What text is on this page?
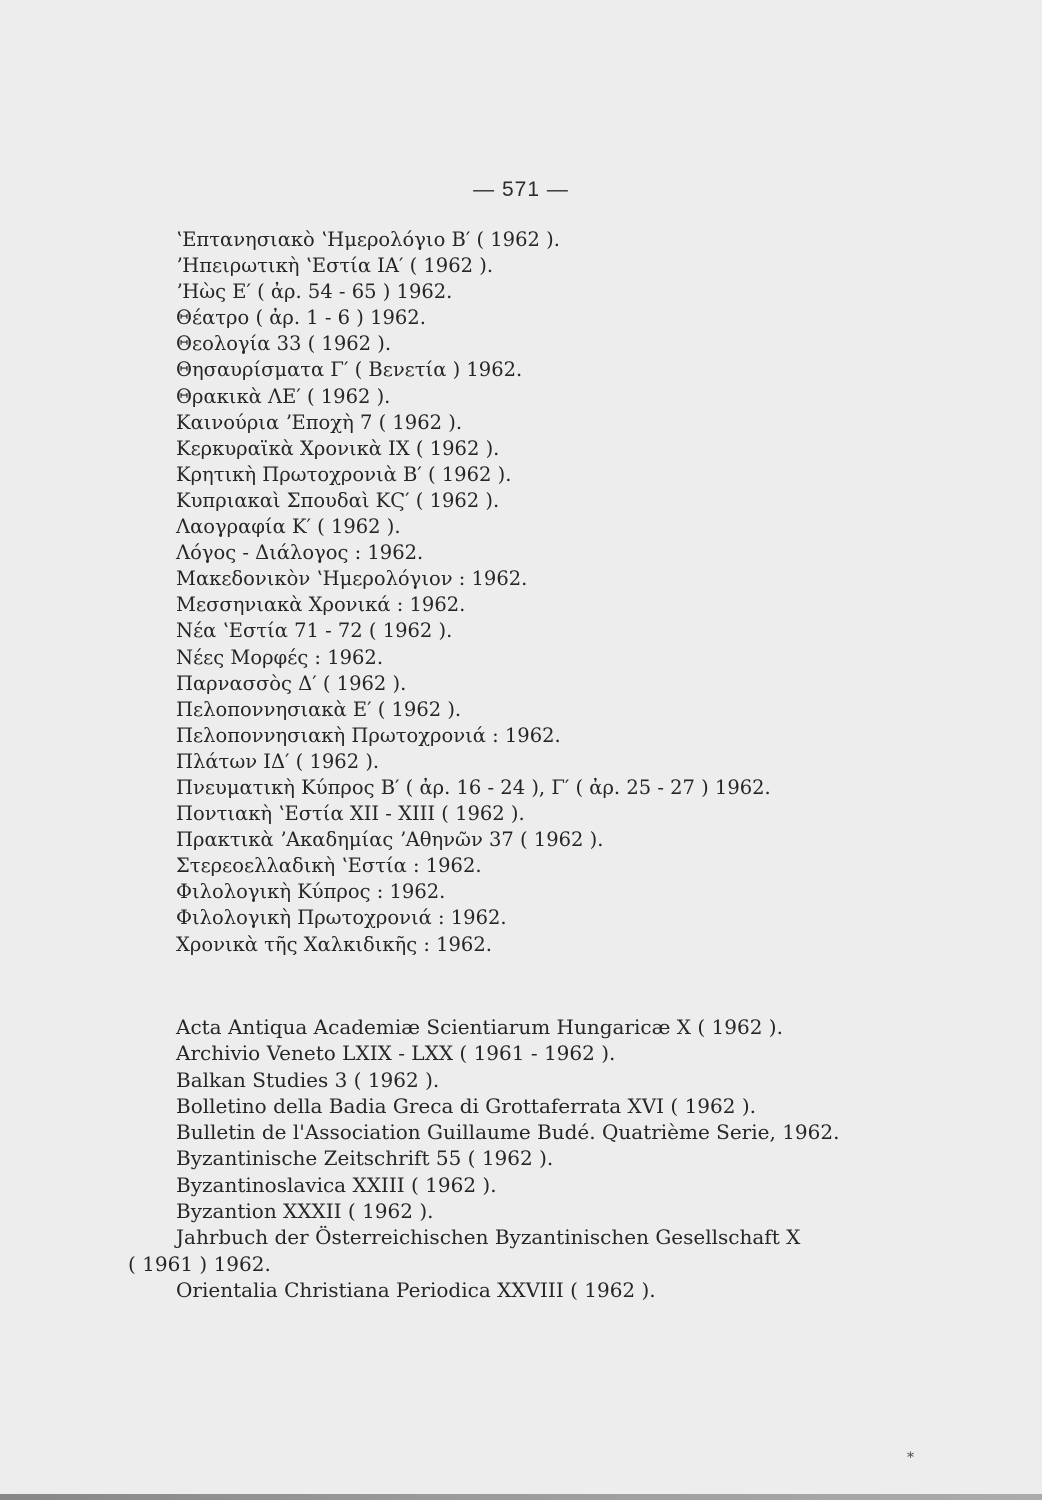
— 571 —
ʽΕπτανησιακὸ ʽΗμερολόγιο Β′ ( 1962 ).
ʼΗπειρωτικὴ ʽΕστία ΙΑ′ ( 1962 ).
ʼΗὼς Ε′ ( ἀρ. 54 - 65 ) 1962.
Θέατρο ( ἀρ. 1 - 6 ) 1962.
Θεολογία 33 ( 1962 ).
Θησαυρίσματα Γ′ ( Βενετία ) 1962.
Θρακικὰ ΛΕ′ ( 1962 ).
Καινούρια ʼΕποχὴ 7 ( 1962 ).
Κερκυραϊκὰ Χρονικὰ ΙΧ ( 1962 ).
Κρητικὴ Πρωτοχρονιὰ Β′ ( 1962 ).
Κυπριακαὶ Σπουδαὶ ΚϚ′ ( 1962 ).
Λαογραφία Κ′ ( 1962 ).
Λόγος - Διάλογος : 1962.
Μακεδονικὸν ʽΗμερολόγιον : 1962.
Μεσσηνιακὰ Χρονικά : 1962.
Νέα ʽΕστία 71 - 72 ( 1962 ).
Νέες Μορφές : 1962.
Παρνασσὸς Δ′ ( 1962 ).
Πελοποννησιακὰ Ε′ ( 1962 ).
Πελοποννησιακὴ Πρωτοχρονιά : 1962.
Πλάτων ΙΔ′ ( 1962 ).
Πνευματικὴ Κύπρος Β′ ( ἀρ. 16 - 24 ), Γ′ ( ἀρ. 25 - 27 ) 1962.
Ποντιακὴ ʽΕστία ΧΙΙ - ΧΙΙΙ ( 1962 ).
Πρακτικὰ ʼΑκαδημίας ʼΑθηνῶν 37 ( 1962 ).
Στερεοελλαδικὴ ʽΕστία : 1962.
Φιλολογικὴ Κύπρος : 1962.
Φιλολογικὴ Πρωτοχρονιά : 1962.
Χρονικὰ τῆς Χαλκιδικῆς : 1962.
Acta Antiqua Academiæ Scientiarum Hungaricæ X ( 1962 ).
Archivio Veneto LXIX - LXX ( 1961 - 1962 ).
Balkan Studies 3 ( 1962 ).
Bolletino della Badia Greca di Grottaferrata XVI ( 1962 ).
Bulletin de l'Association Guillaume Budé. Quatrième Serie, 1962.
Byzantinische Zeitschrift 55 ( 1962 ).
Byzantinoslavica XXIII ( 1962 ).
Byzantion XXXII ( 1962 ).
Jahrbuch der Österreichischen Byzantinischen Gesellschaft X
( 1961 ) 1962.
Orientalia Christiana Periodica XXVIII ( 1962 ).
*
